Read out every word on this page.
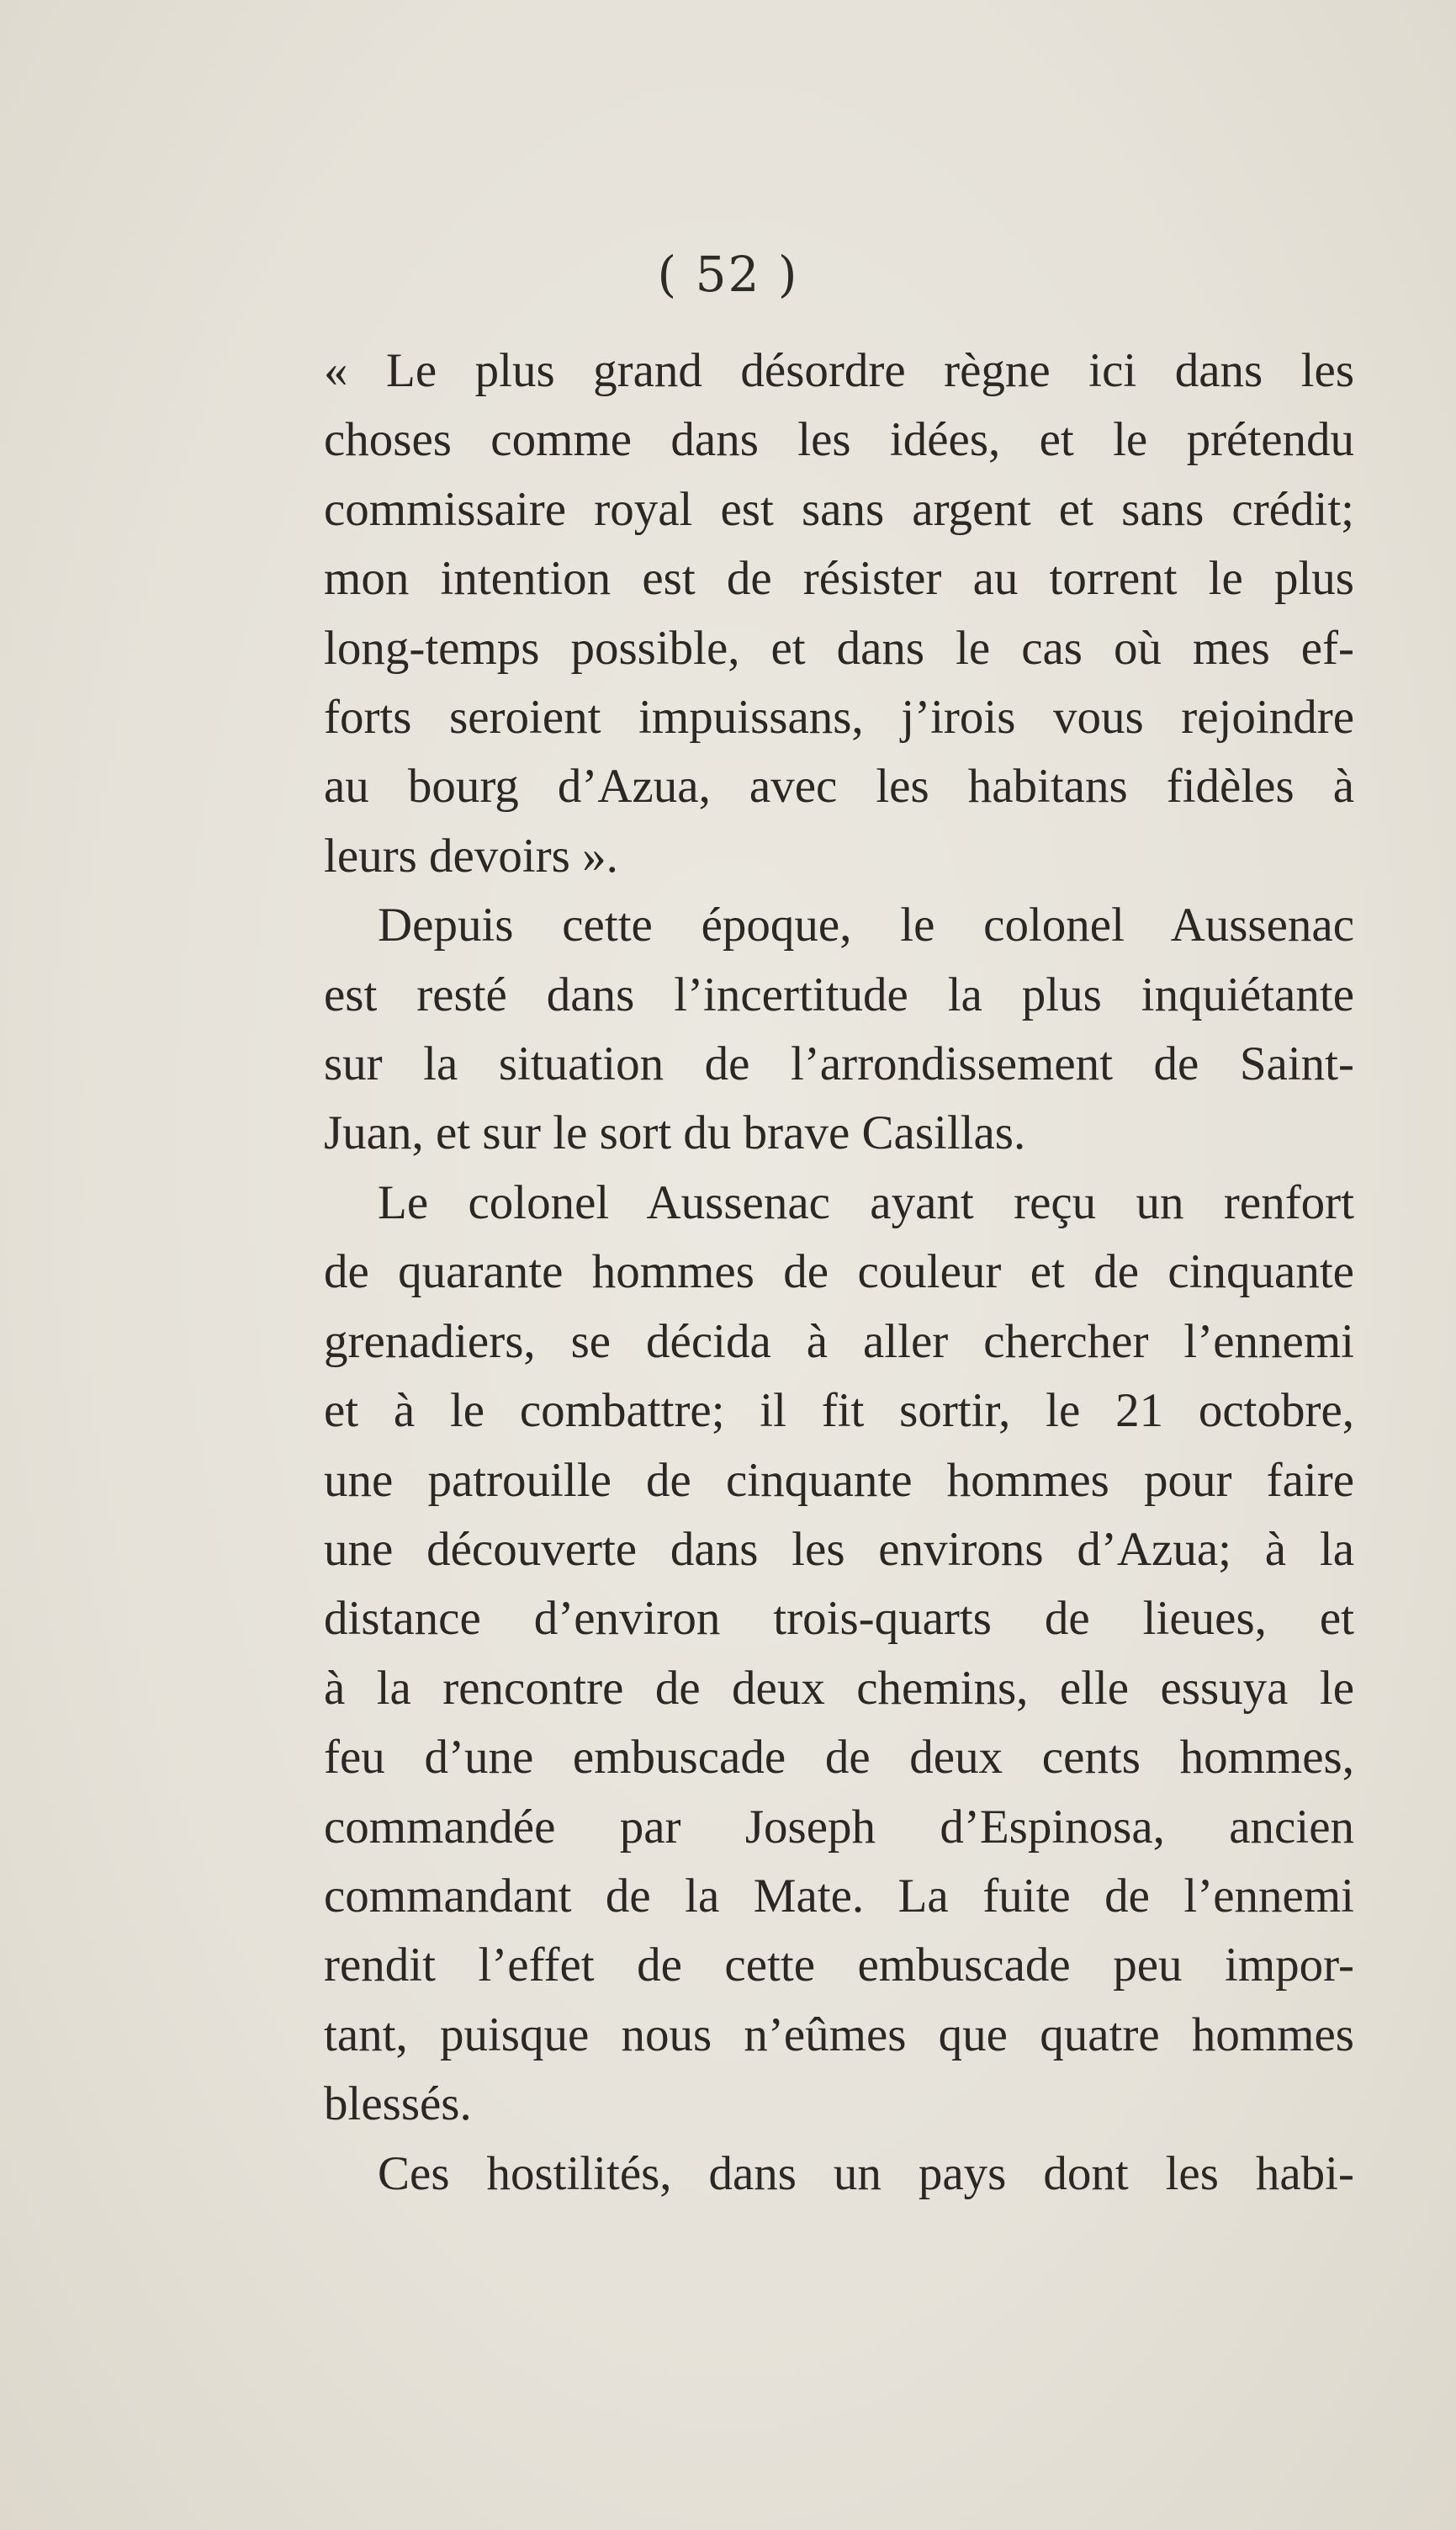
( 52 )
« Le plus grand désordre règne ici dans les
choses comme dans les idées, et le prétendu
commissaire royal est sans argent et sans crédit;
mon intention est de résister au torrent le plus
long-temps possible, et dans le cas où mes ef-
forts seroient impuissans, j’irois vous rejoindre
au bourg d’Azua, avec les habitans fidèles à
leurs devoirs ».
Depuis cette époque, le colonel Aussenac
est resté dans l’incertitude la plus inquiétante
sur la situation de l’arrondissement de Saint-
Juan, et sur le sort du brave Casillas.
Le colonel Aussenac ayant reçu un renfort
de quarante hommes de couleur et de cinquante
grenadiers, se décida à aller chercher l’ennemi
et à le combattre; il fit sortir, le 21 octobre,
une patrouille de cinquante hommes pour faire
une découverte dans les environs d’Azua; à la
distance d’environ trois-quarts de lieues, et
à la rencontre de deux chemins, elle essuya le
feu d’une embuscade de deux cents hommes,
commandée par Joseph d’Espinosa, ancien
commandant de la Mate. La fuite de l’ennemi
rendit l’effet de cette embuscade peu impor-
tant, puisque nous n’eûmes que quatre hommes
blessés.
Ces hostilités, dans un pays dont les habi-
